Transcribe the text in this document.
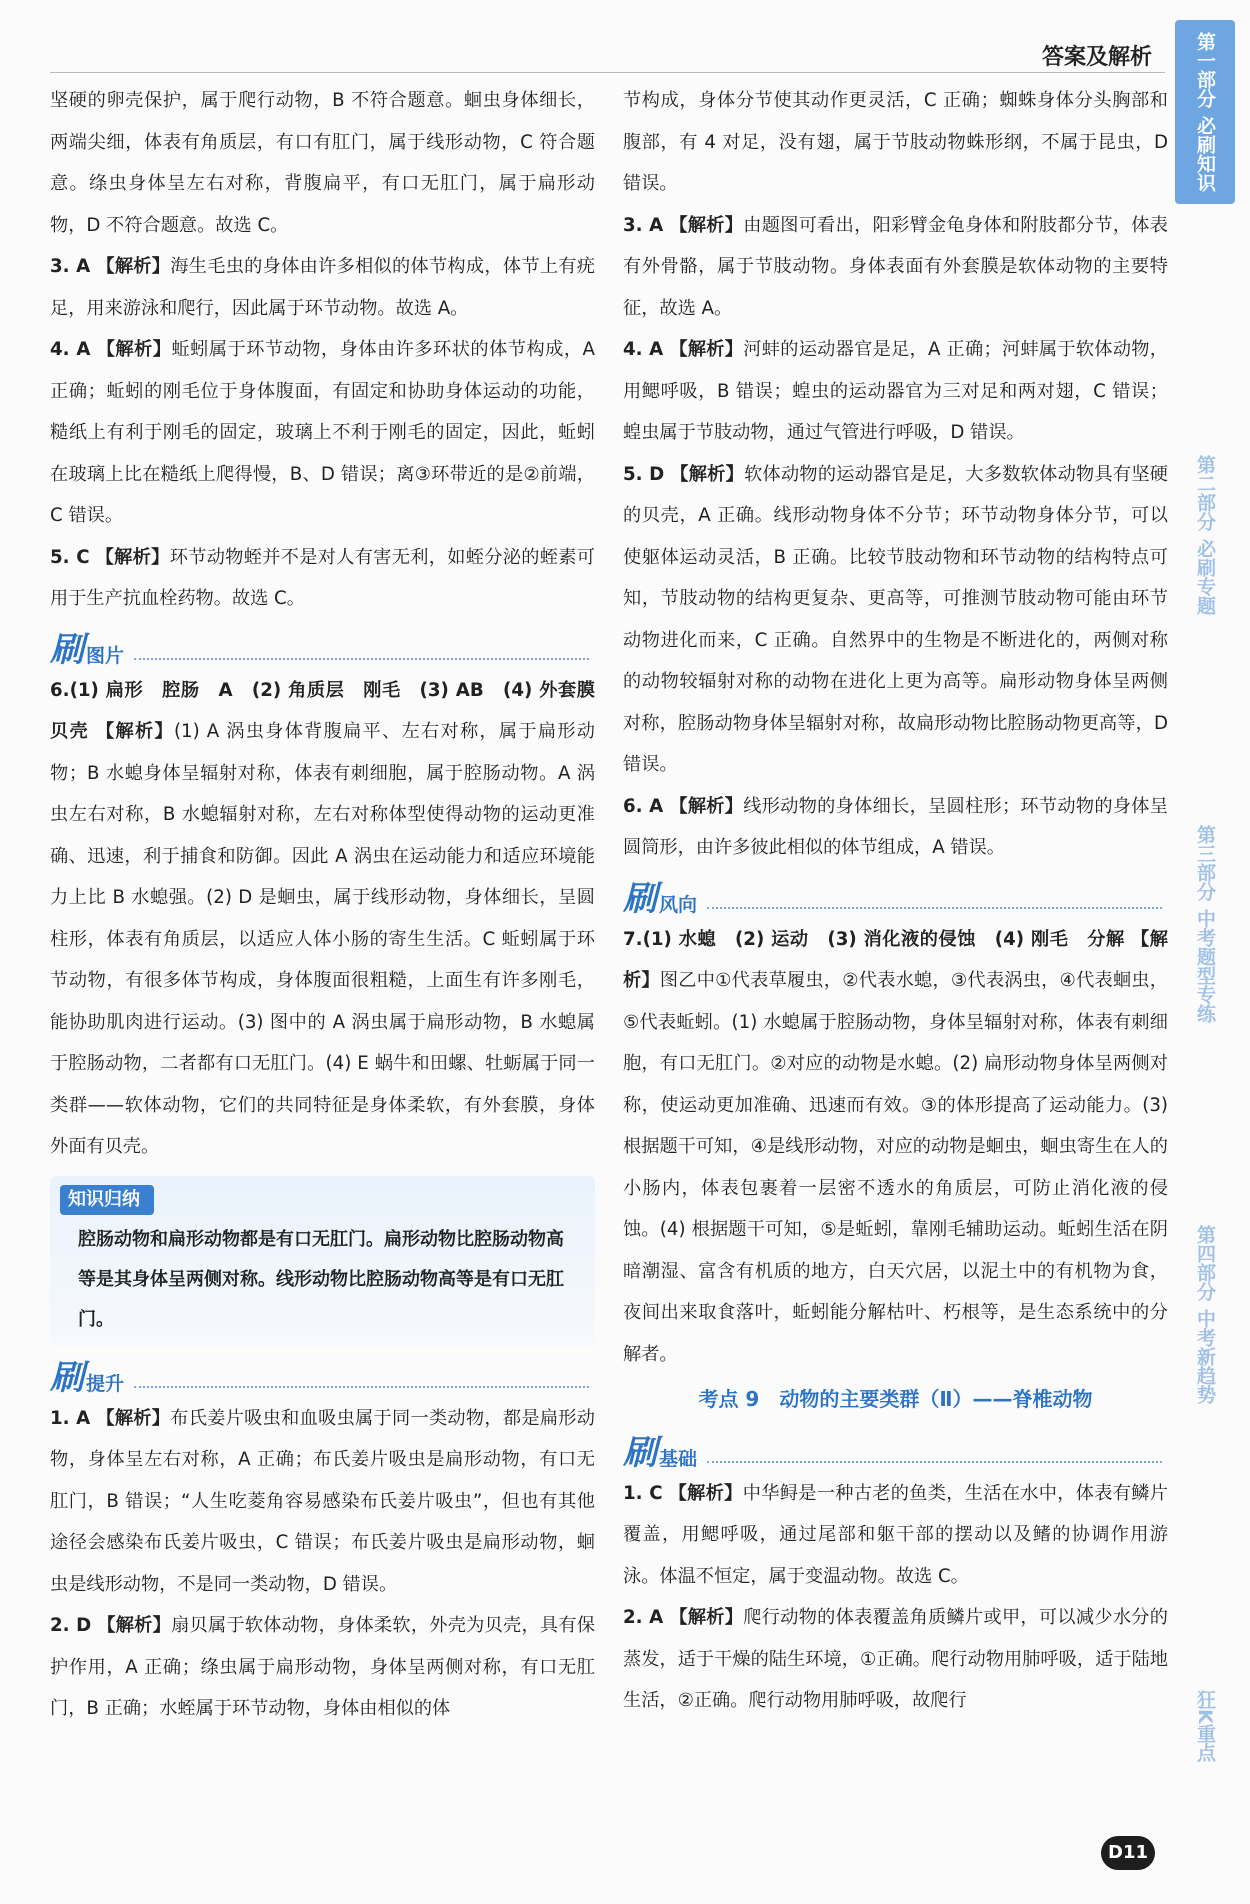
答案及解析

坚硬的卵壳保护，属于爬行动物，B 不符合题意。蛔虫身体细长，两端尖细，体表有角质层，有口有肛门，属于线形动物，C 符合题意。绦虫身体呈左右对称，背腹扁平，有口无肛门，属于扁形动物，D 不符合题意。故选 C。

3. A 【解析】海生毛虫的身体由许多相似的体节构成，体节上有疣足，用来游泳和爬行，因此属于环节动物。故选 A。

4. A 【解析】蚯蚓属于环节动物，身体由许多环状的体节构成，A 正确；蚯蚓的刚毛位于身体腹面，有固定和协助身体运动的功能，糙纸上有利于刚毛的固定，玻璃上不利于刚毛的固定，因此，蚯蚓在玻璃上比在糙纸上爬得慢，B、D 错误；离③环带近的是②前端，C 错误。

5. C 【解析】环节动物蛭并不是对人有害无利，如蛭分泌的蛭素可用于生产抗血栓药物。故选 C。

刷 图片

6.(1) 扁形　腔肠　A　(2) 角质层　刚毛　(3) AB　(4) 外套膜　贝壳 【解析】(1) A 涡虫身体背腹扁平、左右对称，属于扁形动物；B 水螅身体呈辐射对称，体表有刺细胞，属于腔肠动物。A 涡虫左右对称，B 水螅辐射对称，左右对称体型使得动物的运动更准确、迅速，利于捕食和防御。因此 A 涡虫在运动能力和适应环境能力上比 B 水螅强。(2) D 是蛔虫，属于线形动物，身体细长，呈圆柱形，体表有角质层，以适应人体小肠的寄生生活。C 蚯蚓属于环节动物，有很多体节构成，身体腹面很粗糙，上面生有许多刚毛，能协助肌肉进行运动。(3) 图中的 A 涡虫属于扁形动物，B 水螅属于腔肠动物，二者都有口无肛门。(4) E 蜗牛和田螺、牡蛎属于同一类群——软体动物，它们的共同特征是身体柔软，有外套膜，身体外面有贝壳。

知识归纳
腔肠动物和扁形动物都是有口无肛门。扁形动物比腔肠动物高等是其身体呈两侧对称。线形动物比腔肠动物高等是有口无肛门。
刷 提升

1. A 【解析】布氏姜片吸虫和血吸虫属于同一类动物，都是扁形动物，身体呈左右对称，A 正确；布氏姜片吸虫是扁形动物，有口无肛门，B 错误；“人生吃菱角容易感染布氏姜片吸虫”，但也有其他途径会感染布氏姜片吸虫，C 错误；布氏姜片吸虫是扁形动物，蛔虫是线形动物，不是同一类动物，D 错误。

2. D 【解析】扇贝属于软体动物，身体柔软，外壳为贝壳，具有保护作用，A 正确；绦虫属于扁形动物，身体呈两侧对称，有口无肛门，B 正确；水蛭属于环节动物，身体由相似的体

节构成，身体分节使其动作更灵活，C 正确；蜘蛛身体分头胸部和腹部，有 4 对足，没有翅，属于节肢动物蛛形纲，不属于昆虫，D 错误。

3. A 【解析】由题图可看出，阳彩臂金龟身体和附肢都分节，体表有外骨骼，属于节肢动物。身体表面有外套膜是软体动物的主要特征，故选 A。

4. A 【解析】河蚌的运动器官是足，A 正确；河蚌属于软体动物，用鳃呼吸，B 错误；蝗虫的运动器官为三对足和两对翅，C 错误；蝗虫属于节肢动物，通过气管进行呼吸，D 错误。

5. D 【解析】软体动物的运动器官是足，大多数软体动物具有坚硬的贝壳，A 正确。线形动物身体不分节；环节动物身体分节，可以使躯体运动灵活，B 正确。比较节肢动物和环节动物的结构特点可知，节肢动物的结构更复杂、更高等，可推测节肢动物可能由环节动物进化而来，C 正确。自然界中的生物是不断进化的，两侧对称的动物较辐射对称的动物在进化上更为高等。扁形动物身体呈两侧对称，腔肠动物身体呈辐射对称，故扁形动物比腔肠动物更高等，D 错误。

6. A 【解析】线形动物的身体细长，呈圆柱形；环节动物的身体呈圆筒形，由许多彼此相似的体节组成，A 错误。

刷 风向

7.(1) 水螅　(2) 运动　(3) 消化液的侵蚀　(4) 刚毛　分解 【解析】图乙中①代表草履虫，②代表水螅，③代表涡虫，④代表蛔虫，⑤代表蚯蚓。(1) 水螅属于腔肠动物，身体呈辐射对称，体表有刺细胞，有口无肛门。②对应的动物是水螅。(2) 扁形动物身体呈两侧对称，使运动更加准确、迅速而有效。③的体形提高了运动能力。(3) 根据题干可知，④是线形动物，对应的动物是蛔虫，蛔虫寄生在人的小肠内，体表包裹着一层密不透水的角质层，可防止消化液的侵蚀。(4) 根据题干可知，⑤是蚯蚓，靠刚毛辅助运动。蚯蚓生活在阴暗潮湿、富含有机质的地方，白天穴居，以泥土中的有机物为食，夜间出来取食落叶，蚯蚓能分解枯叶、朽根等，是生态系统中的分解者。

考点 9　动物的主要类群（Ⅱ）——脊椎动物
刷 基础

1. C 【解析】中华鲟是一种古老的鱼类，生活在水中，体表有鳞片覆盖，用鳃呼吸，通过尾部和躯干部的摆动以及鳍的协调作用游泳。体温不恒定，属于变温动物。故选 C。

2. A 【解析】爬行动物的体表覆盖角质鳞片或甲，可以减少水分的蒸发，适于干燥的陆生环境，①正确。爬行动物用肺呼吸，适于陆地生活，②正确。爬行动物用肺呼吸，故爬行

第一部分
必刷知识
第二部分
必刷专题
第三部分
中考题型专练
第四部分
中考新趋势
狂K重点
D11
